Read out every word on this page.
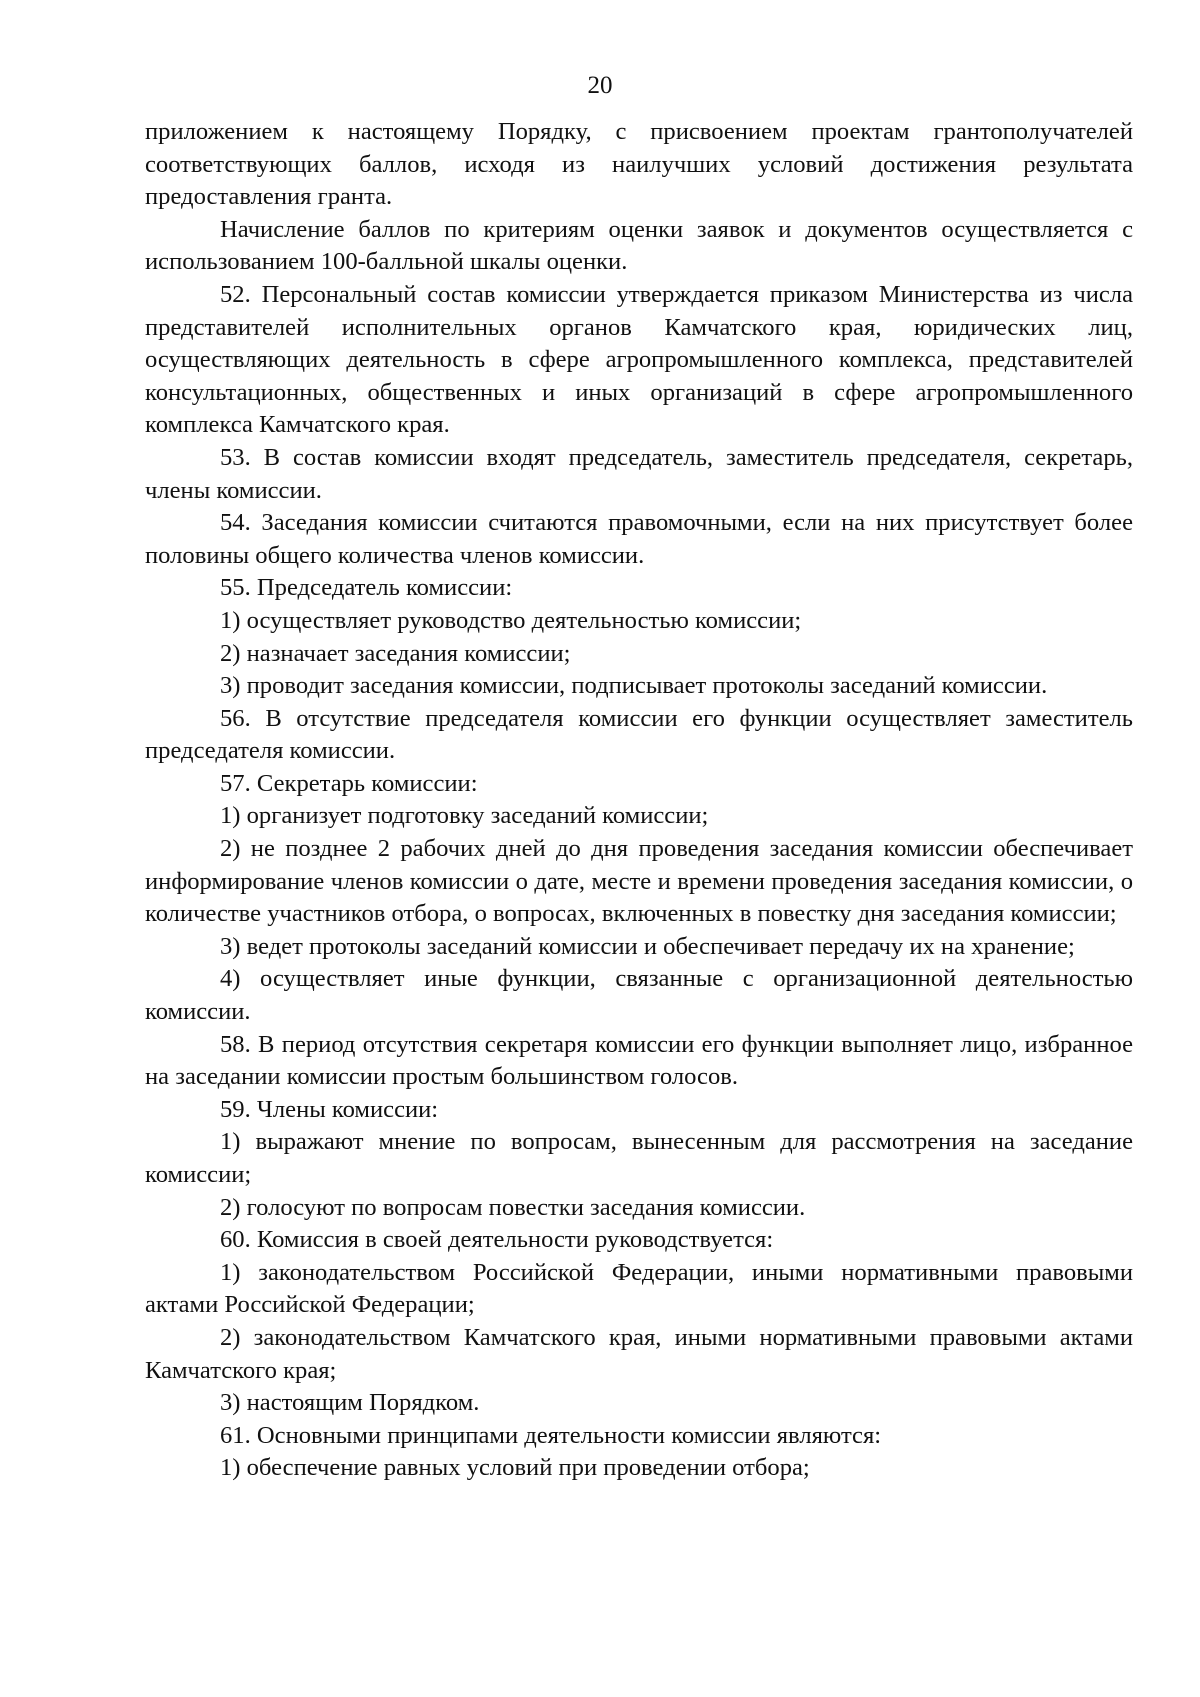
20

приложением к настоящему Порядку, с присвоением проектам грантополучателей соответствующих баллов, исходя из наилучших условий достижения результата предоставления гранта.

Начисление баллов по критериям оценки заявок и документов осуществляется с использованием 100-балльной шкалы оценки.

52. Персональный состав комиссии утверждается приказом Министерства из числа представителей исполнительных органов Камчатского края, юридических лиц, осуществляющих деятельность в сфере агропромышленного комплекса, представителей консультационных, общественных и иных организаций в сфере агропромышленного комплекса Камчатского края.

53. В состав комиссии входят председатель, заместитель председателя, секретарь, члены комиссии.

54. Заседания комиссии считаются правомочными, если на них присутствует более половины общего количества членов комиссии.

55. Председатель комиссии:

1) осуществляет руководство деятельностью комиссии;

2) назначает заседания комиссии;

3) проводит заседания комиссии, подписывает протоколы заседаний комиссии.

56. В отсутствие председателя комиссии его функции осуществляет заместитель председателя комиссии.

57. Секретарь комиссии:

1) организует подготовку заседаний комиссии;

2) не позднее 2 рабочих дней до дня проведения заседания комиссии обеспечивает информирование членов комиссии о дате, месте и времени проведения заседания комиссии, о количестве участников отбора, о вопросах, включенных в повестку дня заседания комиссии;

3) ведет протоколы заседаний комиссии и обеспечивает передачу их на хранение;

4) осуществляет иные функции, связанные с организационной деятельностью комиссии.

58. В период отсутствия секретаря комиссии его функции выполняет лицо, избранное на заседании комиссии простым большинством голосов.

59. Члены комиссии:

1) выражают мнение по вопросам, вынесенным для рассмотрения на заседание комиссии;

2) голосуют по вопросам повестки заседания комиссии.

60. Комиссия в своей деятельности руководствуется:

1) законодательством Российской Федерации, иными нормативными правовыми актами Российской Федерации;

2) законодательством Камчатского края, иными нормативными правовыми актами Камчатского края;

3) настоящим Порядком.

61. Основными принципами деятельности комиссии являются:

1) обеспечение равных условий при проведении отбора;
